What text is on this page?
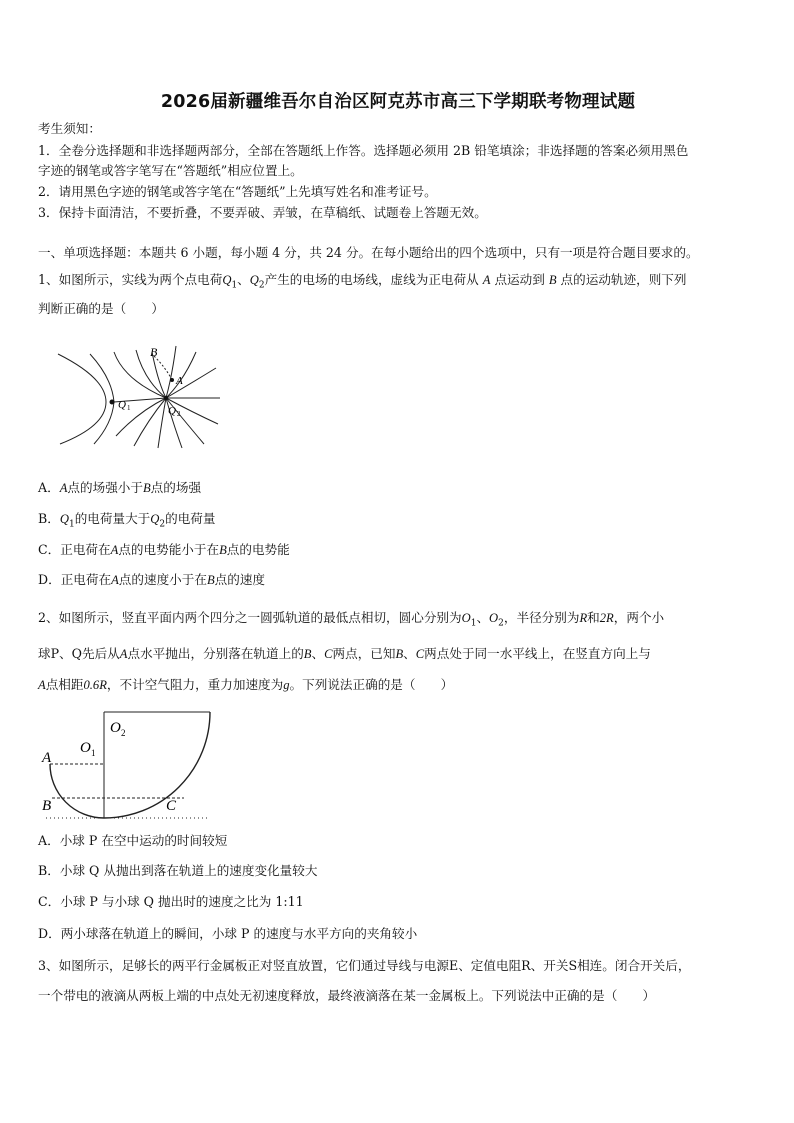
2026届新疆维吾尔自治区阿克苏市高三下学期联考物理试题
考生须知：
1．全卷分选择题和非选择题两部分，全部在答题纸上作答。选择题必须用 2B 铅笔填涂；非选择题的答案必须用黑色
字迹的钢笔或答字笔写在“答题纸”相应位置上。
2．请用黑色字迹的钢笔或答字笔在“答题纸”上先填写姓名和准考证号。
3．保持卡面清洁，不要折叠，不要弄破、弄皱，在草稿纸、试题卷上答题无效。
一、单项选择题：本题共 6 小题，每小题 4 分，共 24 分。在每小题给出的四个选项中，只有一项是符合题目要求的。
1、如图所示，实线为两个点电荷$Q_1$、$Q_2$产生的电场的电场线，虚线为正电荷从 A 点运动到 B 点的运动轨迹，则下列
判断正确的是（　　）
B
A
Q 1	Q 2
A．A点的场强小于B点的场强
B．$Q_1$的电荷量大于$Q_2$的电荷量
C．正电荷在A点的电势能小于在B点的电势能
D．正电荷在A点的速度小于在B点的速度
2、如图所示，竖直平面内两个四分之一圆弧轨道的最低点相切，圆心分别为$O_1$、$O_2$，半径分别为R和2R，两个小
球P、Q先后从A点水平抛出，分别落在轨道上的B、C两点，已知B、C两点处于同一水平线上，在竖直方向上与
A点相距0.6R，不计空气阻力，重力加速度为g。下列说法正确的是（　　）
O 2
O 1
A
B	C
A．小球 P 在空中运动的时间较短
B．小球 Q 从抛出到落在轨道上的速度变化量较大
C．小球 P 与小球 Q 抛出时的速度之比为 1:11
D．两小球落在轨道上的瞬间，小球 P 的速度与水平方向的夹角较小
3、如图所示，足够长的两平行金属板正对竖直放置，它们通过导线与电源E、定值电阻R、开关S相连。闭合开关后，
一个带电的液滴从两板上端的中点处无初速度释放，最终液滴落在某一金属板上。下列说法中正确的是（　　）
